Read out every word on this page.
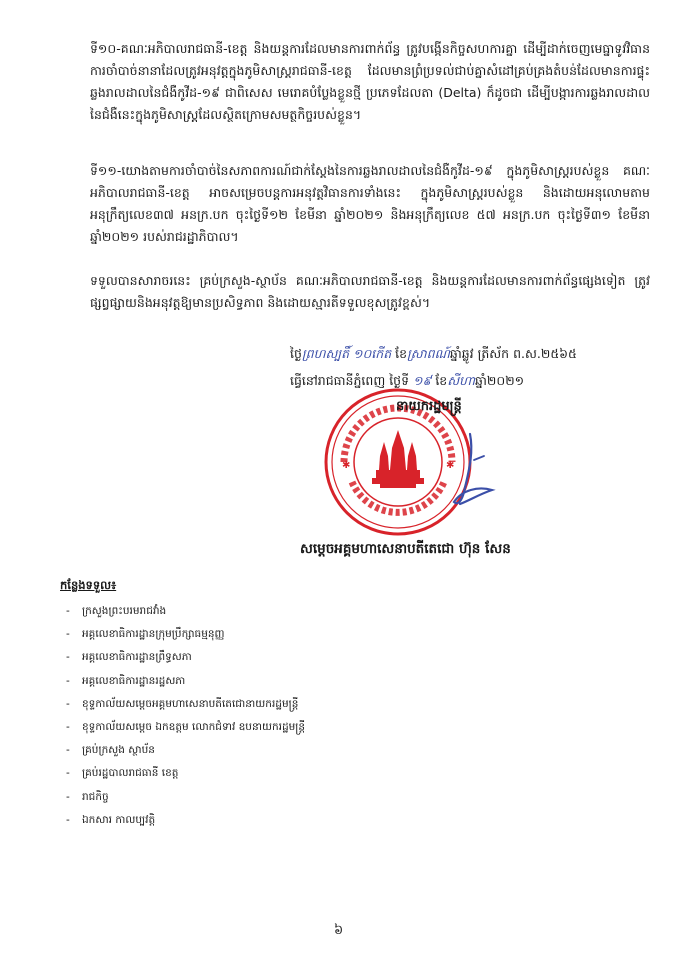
ទី១០-គណៈអភិបាលរាជធានី-ខេត្ត និងយន្តការដែលមានការពាក់ព័ន្ធ ត្រូវបង្កើនកិច្ចសហការគ្នា ដើម្បីដាក់ចេញមេធ្នាទូវវិធានការចាំបាច់នានាដែលត្រូវអនុវត្តក្នុងភូមិសាស្ត្ររាជធានី-ខេត្ត ដែលមានព្រំប្រទល់ជាប់គ្នាសំដៅគ្រប់គ្រងតំបន់ដែលមានការផ្ទុះឆ្លងរាលដាលនៃជំងឺកូវីដ-១៩ ជាពិសេស មេរោគបំប្លែងខ្លួនថ្មី ប្រភេទដែលតា (Delta) ក៏ដូចជា ដើម្បីបង្ការការឆ្លងរាលដាលនៃជំងឺនេះក្នុងភូមិសាស្ត្រដែលស្ថិតក្រោមសមត្ថកិច្ចរបស់ខ្លួន។

ទី១១-យោងតាមការចាំបាច់នៃសភាពការណ៍ជាក់ស្តែងនៃការឆ្លងរាលដាលនៃជំងឺកូវីដ-១៩ ក្នុងភូមិសាស្ត្ររបស់ខ្លួន គណៈអភិបាលរាជធានី-ខេត្ត អាចសម្រេចបន្តការអនុវត្តវិធានការទាំងនេះ ក្នុងភូមិសាស្ត្ររបស់ខ្លួន និងដោយអនុលោមតាមអនុក្រឹត្យលេខ៣៧ អនក្រ.បក ចុះថ្ងៃទី១២ ខែមីនា ឆ្នាំ២០២១ និងអនុក្រឹត្យលេខ ៥៧ អនក្រ.បក ចុះថ្ងៃទី៣១ ខែមីនា ឆ្នាំ២០២១ របស់រាជរដ្ឋាភិបាល។

ទទួលបានសារាចរនេះ គ្រប់ក្រសួង-ស្ថាប័ន គណៈអភិបាលរាជធានី-ខេត្ត និងយន្តការដែលមានការពាក់ព័ន្ធផ្សេងទៀត ត្រូវផ្សព្វផ្សាយនិងអនុវត្តឱ្យមានប្រសិទ្ធភាព និងដោយស្មារតីទទួលខុសត្រូវខ្ពស់។

ថ្ងៃព្រហស្បតិ៍ ១០កើត ខែស្រាពណ៍ឆ្នាំឆ្លូវ ត្រីស័ក ព.ស.២៥៦៥
ធ្វើនៅរាជធានីភ្នំពេញ ថ្ងៃទី ១៩ ខែសីហាឆ្នាំ២០២១
✱	✱
នាយករដ្ឋមន្ត្រី
សម្តេចអគ្គមហាសេនាបតីតេជោ ហ៊ុន សែន
កន្លែងទទួល៖
- ក្រសួងព្រះបរមរាជវាំង
- អគ្គលេខាធិការដ្ឋានក្រុមប្រឹក្សាធម្មនុញ្ញ
- អគ្គលេខាធិការដ្ឋានព្រឹទ្ធសភា
- អគ្គលេខាធិការដ្ឋានរដ្ឋសភា
- ខុទ្ទកាល័យសម្តេចអគ្គមហាសេនាបតីតេជោនាយករដ្ឋមន្ត្រី
- ខុទ្ទកាល័យសម្តេច ឯកឧត្តម លោកជំទាវ ឧបនាយករដ្ឋមន្ត្រី
- គ្រប់ក្រសួង ស្ថាប័ន
- គ្រប់រដ្ឋបាលរាជធានី ខេត្ត
- រាជកិច្ច
- ឯកសារ កាលប្បវត្តិ
៦
